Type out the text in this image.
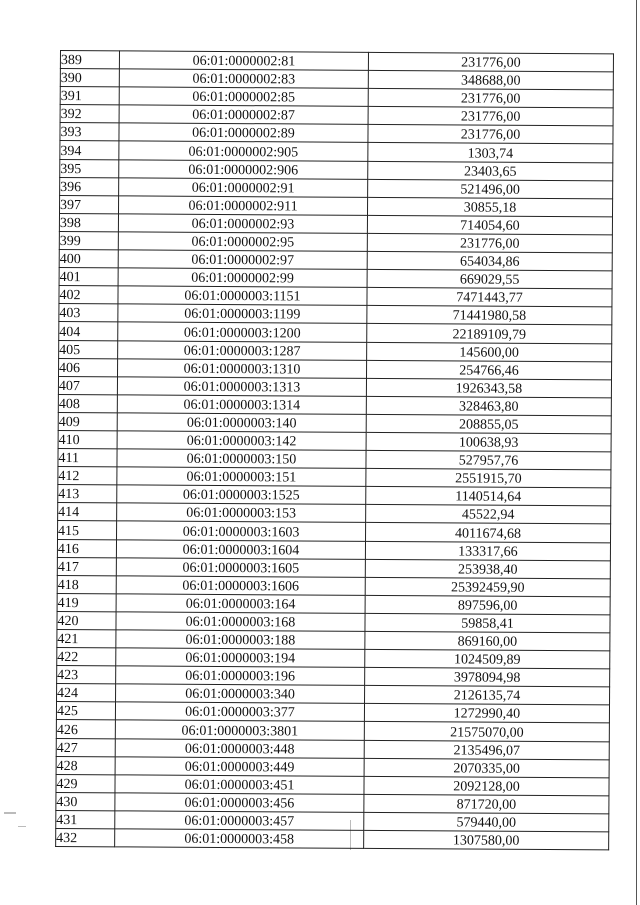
389	06:01:0000002:81	231776,00
390	06:01:0000002:83	348688,00
391	06:01:0000002:85	231776,00
392	06:01:0000002:87	231776,00
393	06:01:0000002:89	231776,00
394	06:01:0000002:905	1303,74
395	06:01:0000002:906	23403,65
396	06:01:0000002:91	521496,00
397	06:01:0000002:911	30855,18
398	06:01:0000002:93	714054,60
399	06:01:0000002:95	231776,00
400	06:01:0000002:97	654034,86
401	06:01:0000002:99	669029,55
402	06:01:0000003:1151	7471443,77
403	06:01:0000003:1199	71441980,58
404	06:01:0000003:1200	22189109,79
405	06:01:0000003:1287	145600,00
406	06:01:0000003:1310	254766,46
407	06:01:0000003:1313	1926343,58
408	06:01:0000003:1314	328463,80
409	06:01:0000003:140	208855,05
410	06:01:0000003:142	100638,93
411	06:01:0000003:150	527957,76
412	06:01:0000003:151	2551915,70
413	06:01:0000003:1525	1140514,64
414	06:01:0000003:153	45522,94
415	06:01:0000003:1603	4011674,68
416	06:01:0000003:1604	133317,66
417	06:01:0000003:1605	253938,40
418	06:01:0000003:1606	25392459,90
419	06:01:0000003:164	897596,00
420	06:01:0000003:168	59858,41
421	06:01:0000003:188	869160,00
422	06:01:0000003:194	1024509,89
423	06:01:0000003:196	3978094,98
424	06:01:0000003:340	2126135,74
425	06:01:0000003:377	1272990,40
426	06:01:0000003:3801	21575070,00
427	06:01:0000003:448	2135496,07
428	06:01:0000003:449	2070335,00
429	06:01:0000003:451	2092128,00
430	06:01:0000003:456	871720,00
431	06:01:0000003:457	579440,00
432	06:01:0000003:458	1307580,00
